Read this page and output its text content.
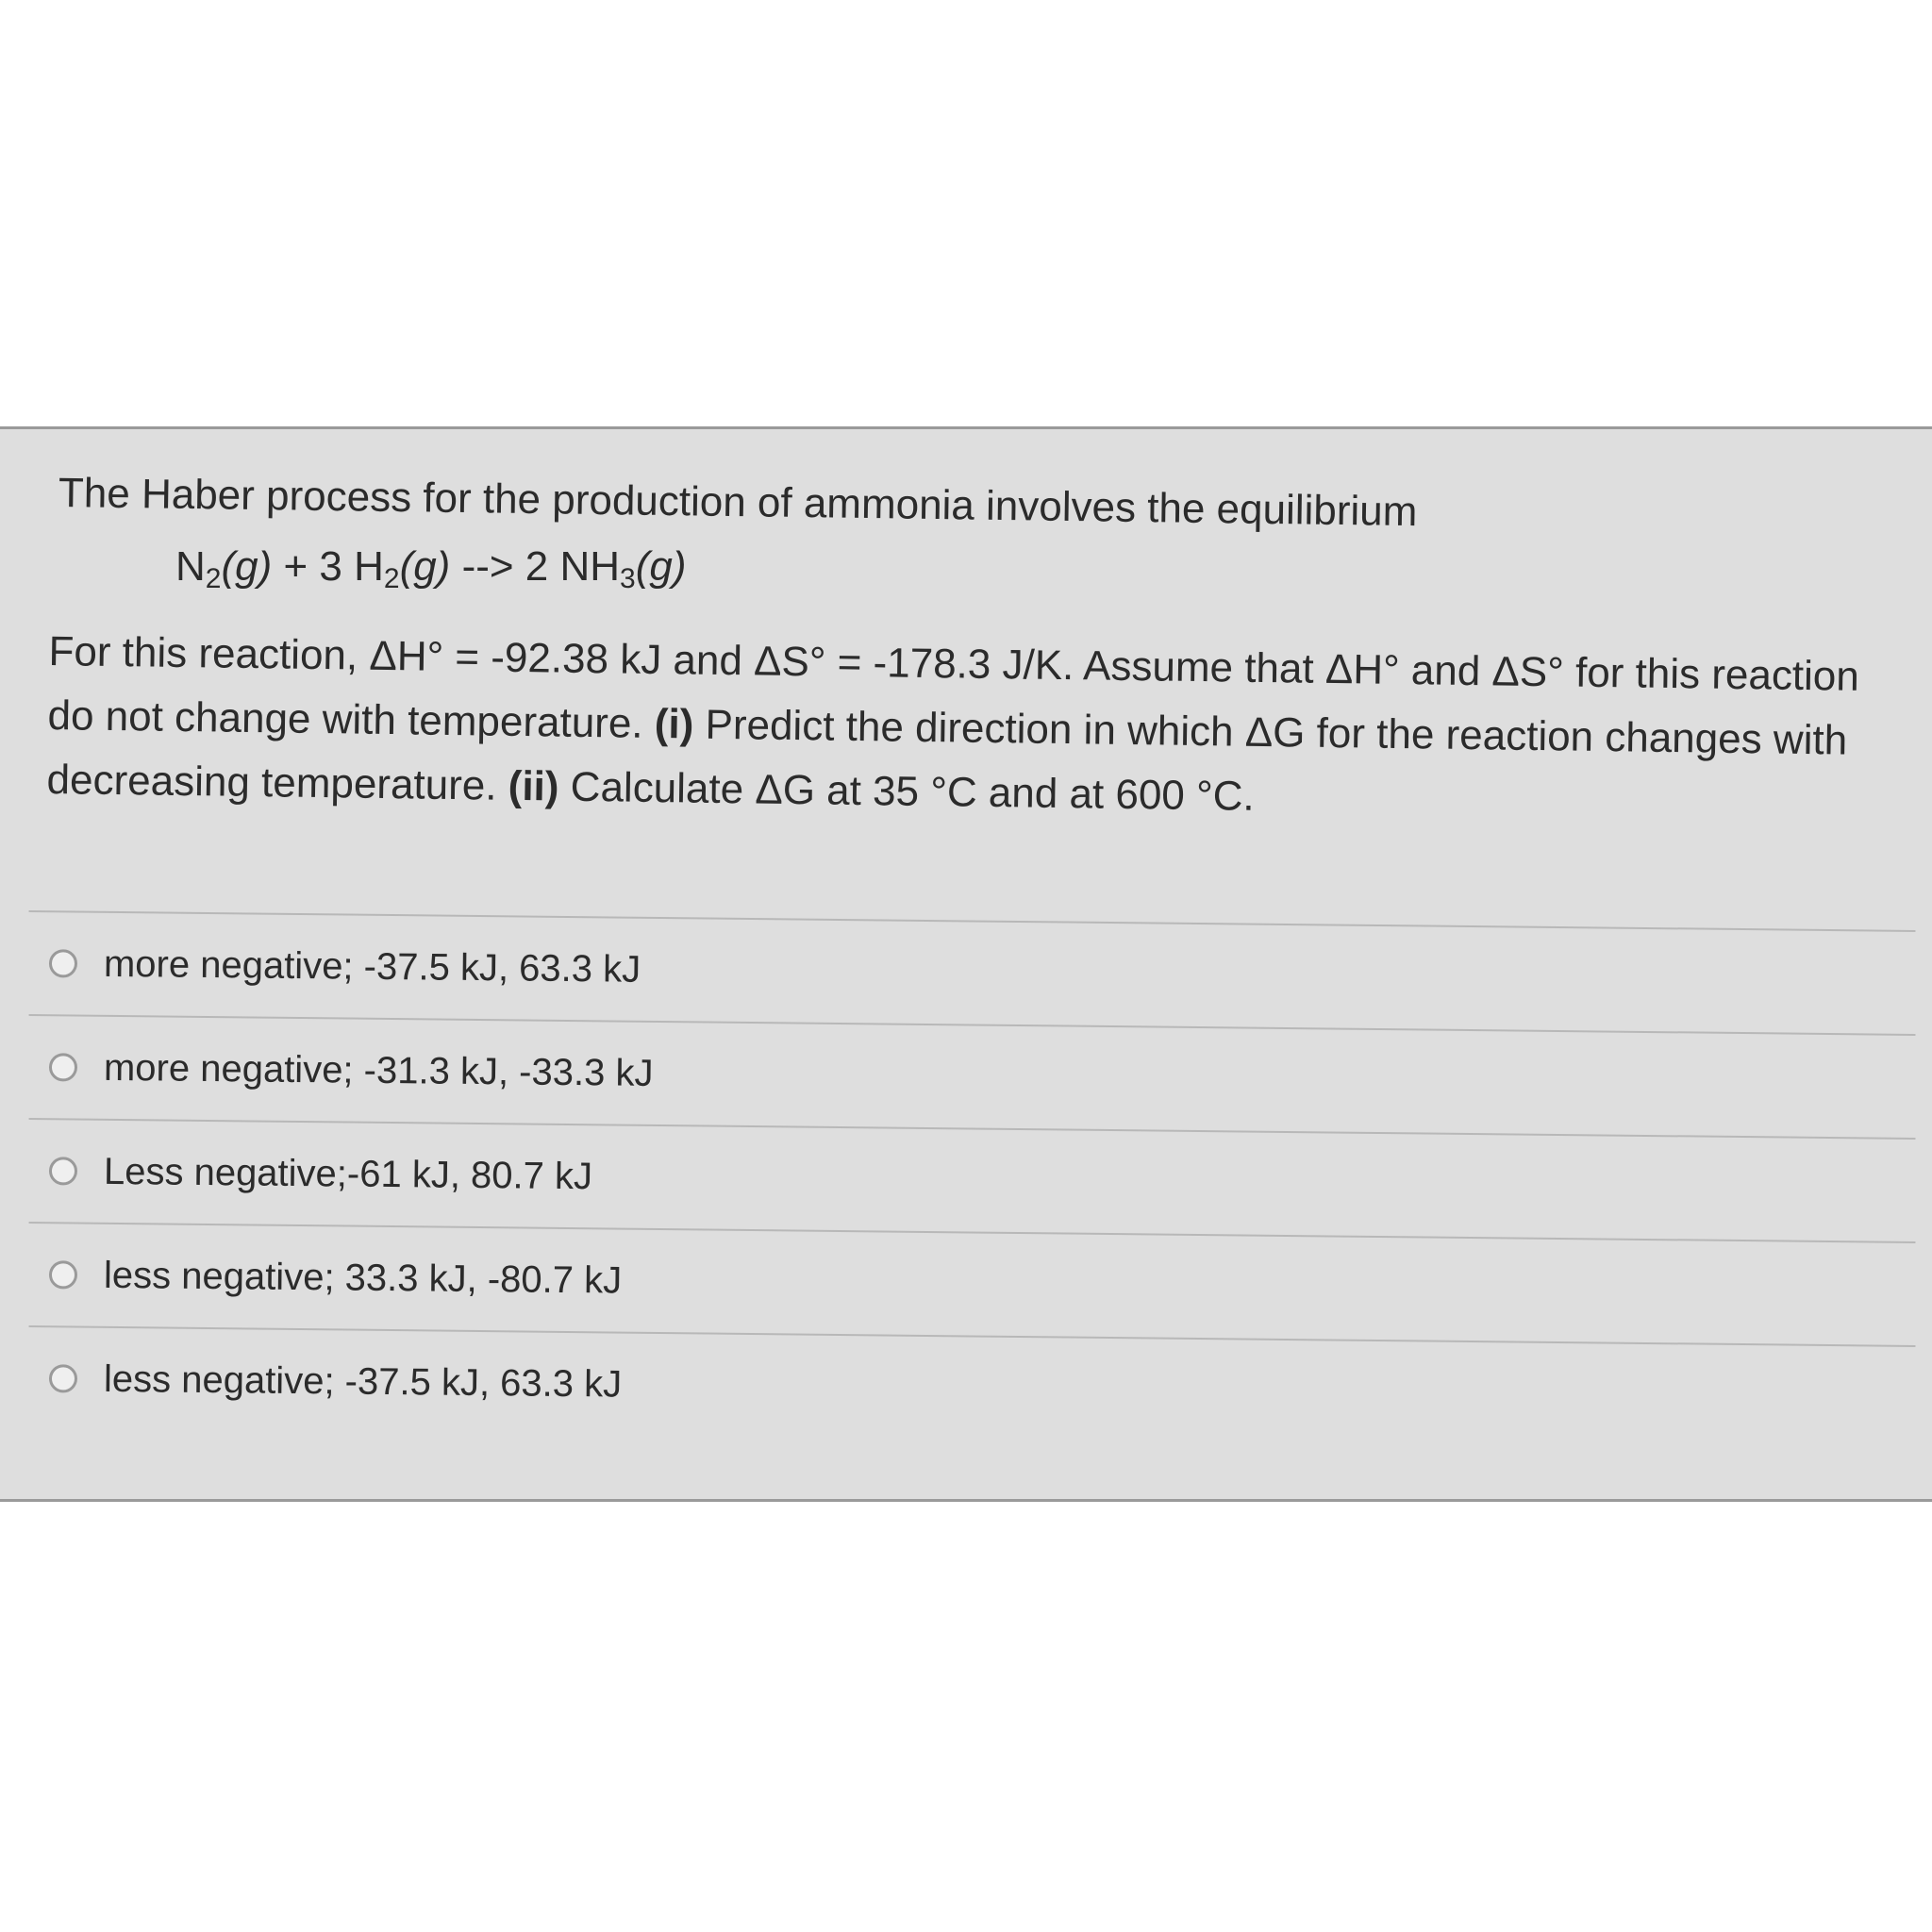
The Haber process for the production of ammonia involves the equilibrium

$N_2(g) + 3$ $H_2(g)$ --> 2 $NH_3(g)$

For this reaction, ΔH° = -92.38 kJ and ΔS° = -178.3 J/K. Assume that ΔH° and ΔS° for this reaction do not change with temperature. (i) Predict the direction in which ΔG for the reaction changes with decreasing temperature. (ii) Calculate ΔG at 35 °C and at 600 °C.

more negative; -37.5 kJ, 63.3 kJ
more negative; -31.3 kJ, -33.3 kJ
Less negative;-61 kJ, 80.7 kJ
less negative; 33.3 kJ, -80.7 kJ
less negative; -37.5 kJ, 63.3 kJ
